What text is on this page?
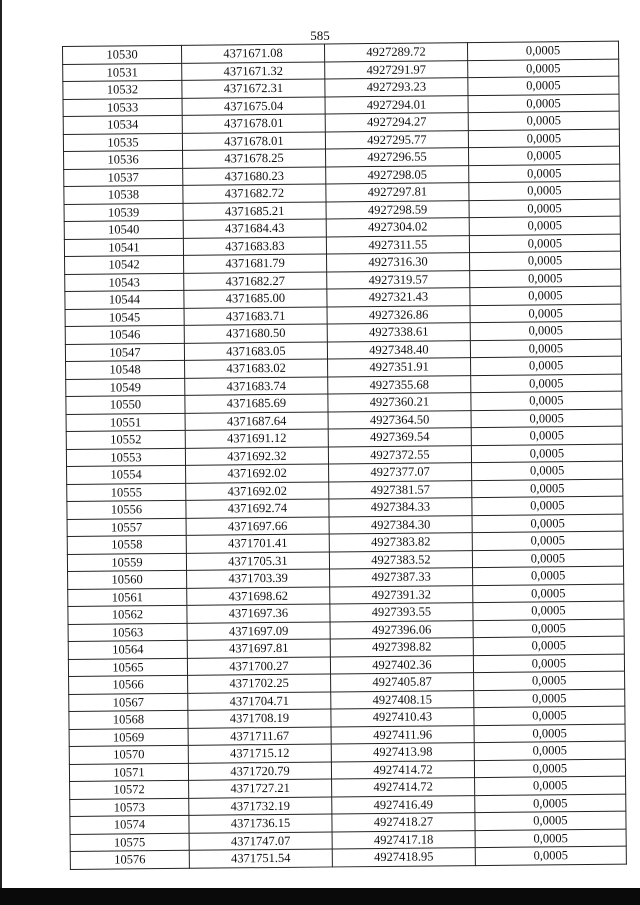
585
10530	4371671.08	4927289.72	0,0005
10531	4371671.32	4927291.97	0,0005
10532	4371672.31	4927293.23	0,0005
10533	4371675.04	4927294.01	0,0005
10534	4371678.01	4927294.27	0,0005
10535	4371678.01	4927295.77	0,0005
10536	4371678.25	4927296.55	0,0005
10537	4371680.23	4927298.05	0,0005
10538	4371682.72	4927297.81	0,0005
10539	4371685.21	4927298.59	0,0005
10540	4371684.43	4927304.02	0,0005
10541	4371683.83	4927311.55	0,0005
10542	4371681.79	4927316.30	0,0005
10543	4371682.27	4927319.57	0,0005
10544	4371685.00	4927321.43	0,0005
10545	4371683.71	4927326.86	0,0005
10546	4371680.50	4927338.61	0,0005
10547	4371683.05	4927348.40	0,0005
10548	4371683.02	4927351.91	0,0005
10549	4371683.74	4927355.68	0,0005
10550	4371685.69	4927360.21	0,0005
10551	4371687.64	4927364.50	0,0005
10552	4371691.12	4927369.54	0,0005
10553	4371692.32	4927372.55	0,0005
10554	4371692.02	4927377.07	0,0005
10555	4371692.02	4927381.57	0,0005
10556	4371692.74	4927384.33	0,0005
10557	4371697.66	4927384.30	0,0005
10558	4371701.41	4927383.82	0,0005
10559	4371705.31	4927383.52	0,0005
10560	4371703.39	4927387.33	0,0005
10561	4371698.62	4927391.32	0,0005
10562	4371697.36	4927393.55	0,0005
10563	4371697.09	4927396.06	0,0005
10564	4371697.81	4927398.82	0,0005
10565	4371700.27	4927402.36	0,0005
10566	4371702.25	4927405.87	0,0005
10567	4371704.71	4927408.15	0,0005
10568	4371708.19	4927410.43	0,0005
10569	4371711.67	4927411.96	0,0005
10570	4371715.12	4927413.98	0,0005
10571	4371720.79	4927414.72	0,0005
10572	4371727.21	4927414.72	0,0005
10573	4371732.19	4927416.49	0,0005
10574	4371736.15	4927418.27	0,0005
10575	4371747.07	4927417.18	0,0005
10576	4371751.54	4927418.95	0,0005
